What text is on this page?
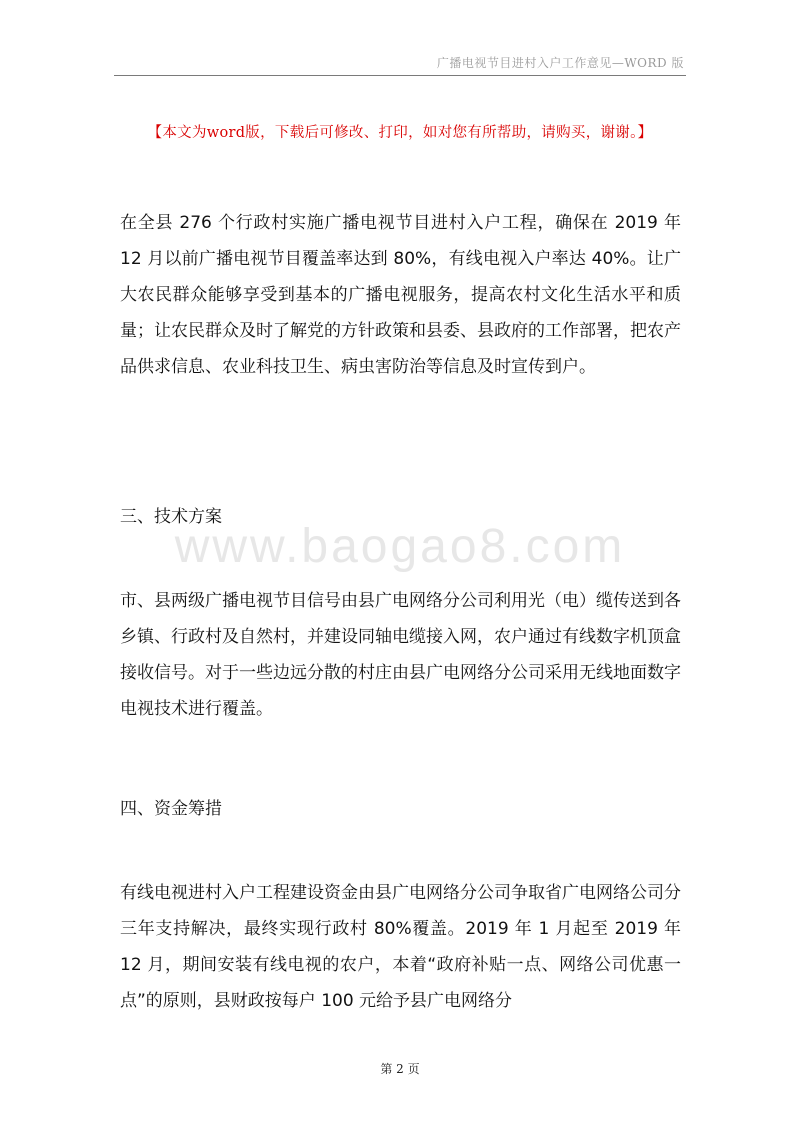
广播电视节目进村入户工作意见—WORD 版
【本文为word版，下载后可修改、打印，如对您有所帮助，请购买，谢谢。】

在全县 276 个行政村实施广播电视节目进村入户工程，确保在 2019 年 12 月以前广播电视节目覆盖率达到 80%，有线电视入户率达 40%。让广大农民群众能够享受到基本的广播电视服务，提高农村文化生活水平和质量；让农民群众及时了解党的方针政策和县委、县政府的工作部署，把农产品供求信息、农业科技卫生、病虫害防治等信息及时宣传到户。

三、技术方案

www.baogao8.com

市、县两级广播电视节目信号由县广电网络分公司利用光（电）缆传送到各乡镇、行政村及自然村，并建设同轴电缆接入网，农户通过有线数字机顶盒接收信号。对于一些边远分散的村庄由县广电网络分公司采用无线地面数字电视技术进行覆盖。

四、资金筹措

有线电视进村入户工程建设资金由县广电网络分公司争取省广电网络公司分三年支持解决，最终实现行政村 80%覆盖。2019 年 1 月起至 2019 年 12 月，期间安装有线电视的农户，本着“政府补贴一点、网络公司优惠一点”的原则，县财政按每户 100 元给予县广电网络分

第 2 页
